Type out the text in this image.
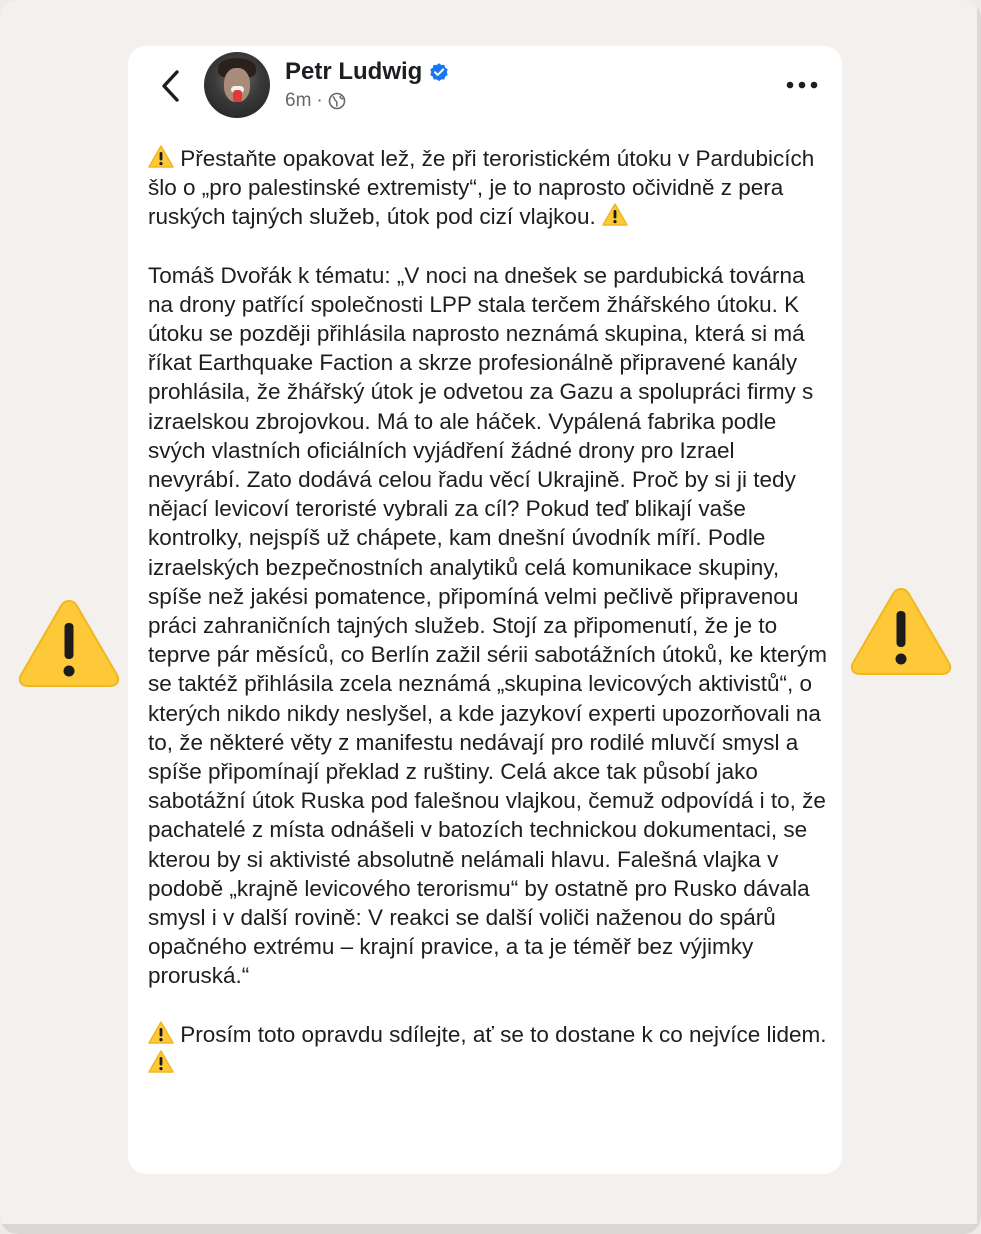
Petr Ludwig
6m ·

Přestaňte opakovat lež, že při teroristickém útoku v Pardubicích šlo o „pro palestinské extremisty“, je to naprosto očividně z pera ruských tajných služeb, útok pod cizí vlajkou.

Tomáš Dvořák k tématu: „V noci na dnešek se pardubická továrna na drony patřící společnosti LPP stala terčem žhářského útoku. K útoku se později přihlásila naprosto neznámá skupina, která si má říkat Earthquake Faction a skrze profesionálně připravené kanály prohlásila, že žhářský útok je odvetou za Gazu a spolupráci firmy s izraelskou zbrojovkou. Má to ale háček. Vypálená fabrika podle svých vlastních oficiálních vyjádření žádné drony pro Izrael nevyrábí. Zato dodává celou řadu věcí Ukrajině. Proč by si ji tedy nějací levicoví teroristé vybrali za cíl? Pokud teď blikají vaše kontrolky, nejspíš už chápete, kam dnešní úvodník míří. Podle izraelských bezpečnostních analytiků celá komunikace skupiny, spíše než jakési pomatence, připomíná velmi pečlivě připravenou práci zahraničních tajných služeb. Stojí za připomenutí, že je to teprve pár měsíců, co Berlín zažil sérii sabotážních útoků, ke kterým se taktéž přihlásila zcela neznámá „skupina levicových aktivistů“, o kterých nikdo nikdy neslyšel, a kde jazykoví experti upozorňovali na to, že některé věty z manifestu nedávají pro rodilé mluvčí smysl a spíše připomínají překlad z ruštiny. Celá akce tak působí jako sabotážní útok Ruska pod falešnou vlajkou, čemuž odpovídá i to, že pachatelé z místa odnášeli v batozích technickou dokumentaci, se kterou by si aktivisté absolutně nelámali hlavu. Falešná vlajka v podobě „krajně levicového terorismu“ by ostatně pro Rusko dávala smysl i v další rovině: V reakci se další voliči naženou do spárů opačného extrému – krajní pravice, a ta je téměř bez výjimky proruská.“

Prosím toto opravdu sdílejte, ať se to dostane k co nejvíce lidem.
